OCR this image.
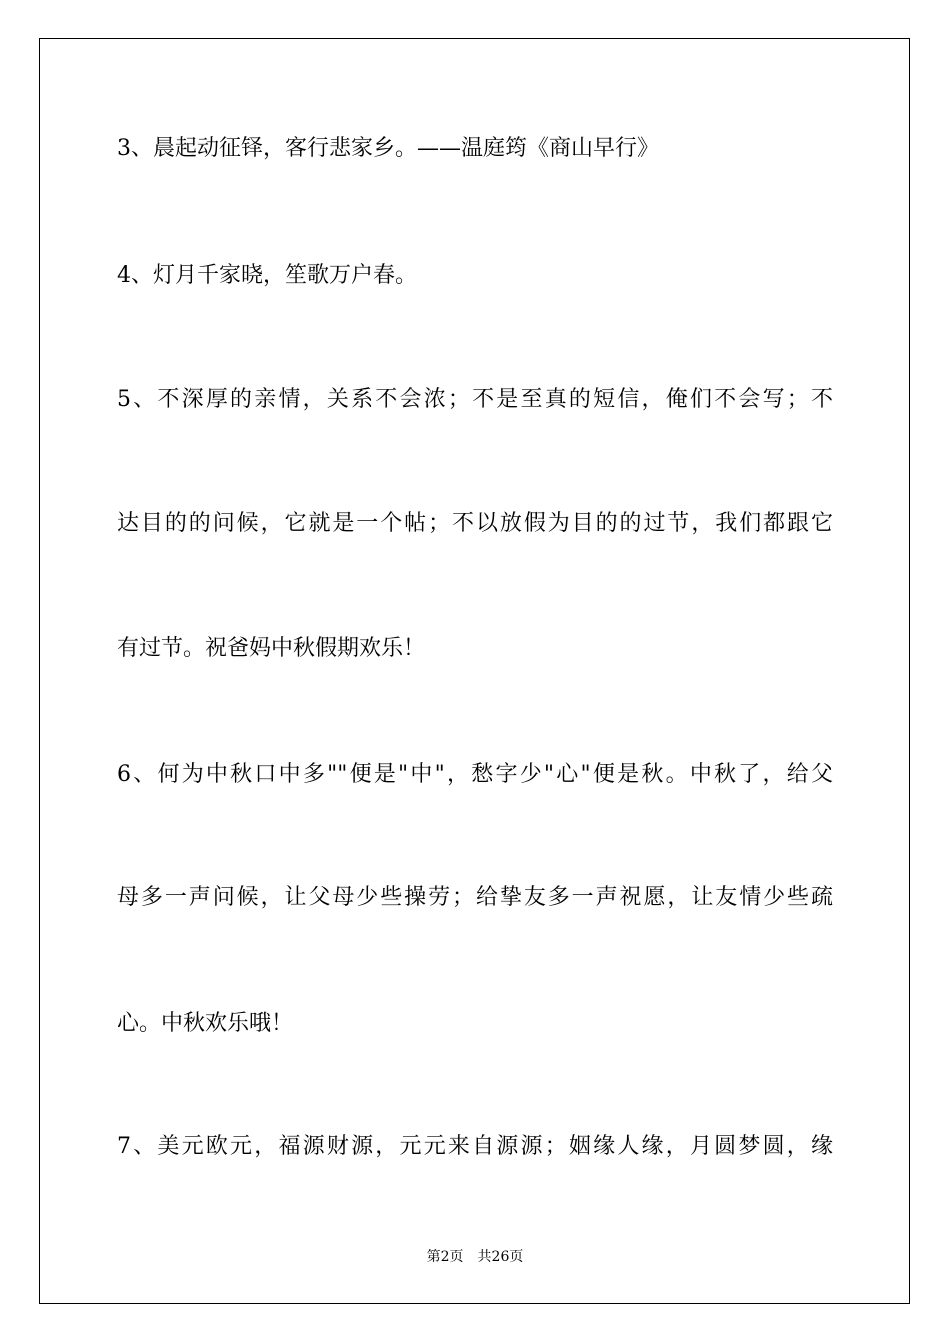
3、晨起动征铎，客行悲家乡。——温庭筠《商山早行》
4、灯月千家晓，笙歌万户春。
5、不深厚的亲情，关系不会浓；不是至真的短信，俺们不会写；不
达目的的问候，它就是一个帖；不以放假为目的的过节，我们都跟它
有过节。祝爸妈中秋假期欢乐！
6、何为中秋口中多""便是"中"，愁字少"心"便是秋。中秋了，给父
母多一声问候，让父母少些操劳；给挚友多一声祝愿，让友情少些疏
心。中秋欢乐哦！
7、美元欧元，福源财源，元元来自源源；姻缘人缘，月圆梦圆，缘
第2页 共26页
